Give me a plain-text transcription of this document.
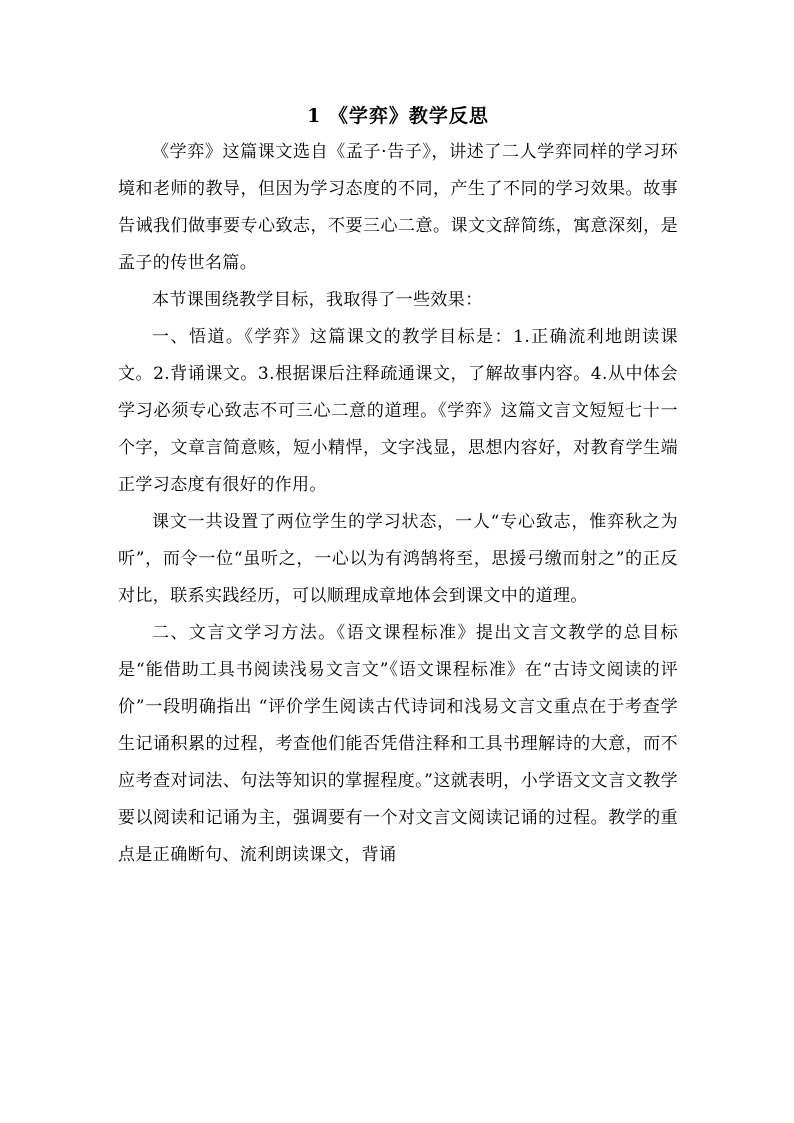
1 《学弈》教学反思

《学弈》这篇课文选自《孟子·告子》，讲述了二人学弈同样的学习环境和老师的教导，但因为学习态度的不同，产生了不同的学习效果。故事告诫我们做事要专心致志，不要三心二意。课文文辞简练，寓意深刻，是孟子的传世名篇。

本节课围绕教学目标，我取得了一些效果：

一、悟道。《学弈》这篇课文的教学目标是：1.正确流利地朗读课文。2.背诵课文。3.根据课后注释疏通课文，了解故事内容。4.从中体会学习必须专心致志不可三心二意的道理。《学弈》这篇文言文短短七十一个字，文章言简意赅，短小精悍，文字浅显，思想内容好，对教育学生端正学习态度有很好的作用。

课文一共设置了两位学生的学习状态，一人“专心致志，惟弈秋之为听”，而令一位“虽听之，一心以为有鸿鹄将至，思援弓缴而射之”的正反对比，联系实践经历，可以顺理成章地体会到课文中的道理。

二、文言文学习方法。《语文课程标准》提出文言文教学的总目标是“能借助工具书阅读浅易文言文”《语文课程标准》在“古诗文阅读的评价”一段明确指出 “评价学生阅读古代诗词和浅易文言文重点在于考查学生记诵积累的过程，考查他们能否凭借注释和工具书理解诗的大意，而不应考查对词法、句法等知识的掌握程度。”这就表明，小学语文文言文教学要以阅读和记诵为主，强调要有一个对文言文阅读记诵的过程。教学的重点是正确断句、流利朗读课文，背诵
